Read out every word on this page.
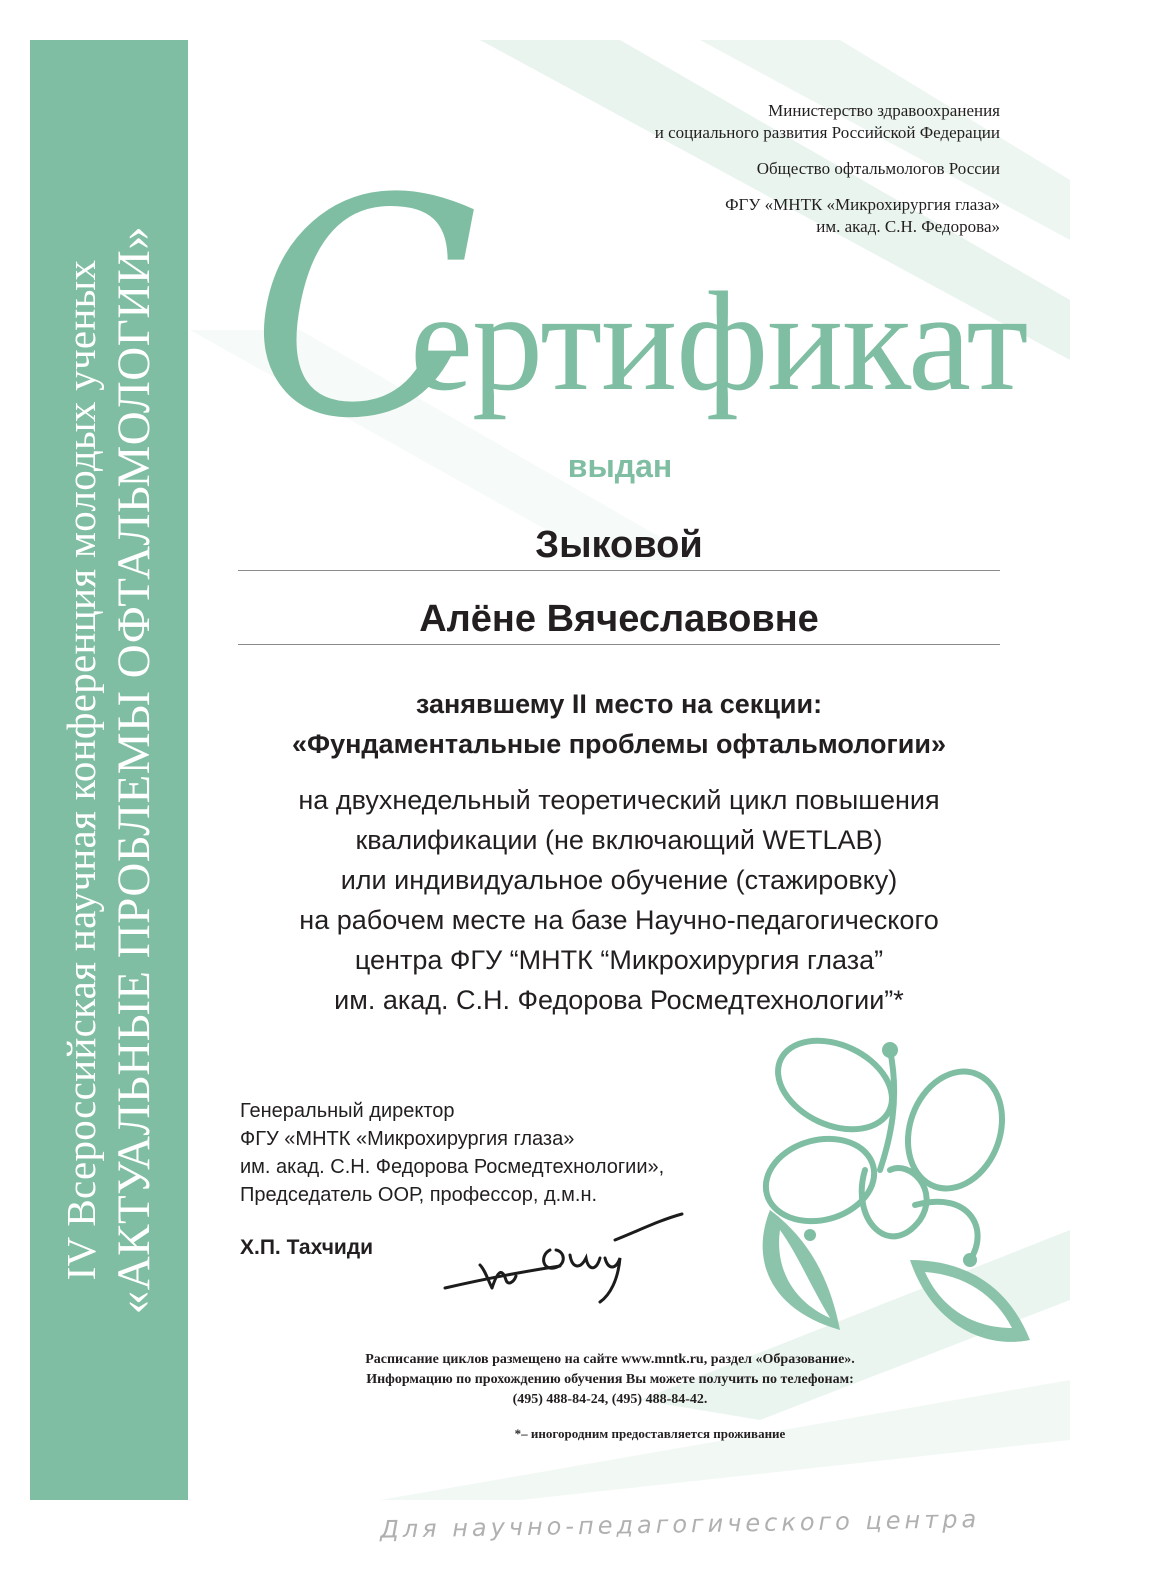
IV Всероссийская научная конференция молодых ученых «АКТУАЛЬНЫЕ ПРОБЛЕМЫ ОФТАЛЬМОЛОГИИ»
Министерство здравоохранения
и социального развития Российской Федерации
Общество офтальмологов России
ФГУ «МНТК «Микрохирургия глаза»
им. акад. С.Н. Федорова»
С
ертификат
выдан
Зыковой
Алёне Вячеславовне
занявшему II место на секции:
«Фундаментальные проблемы офтальмологии»
на двухнедельный теоретический цикл повышения
квалификации (не включающий WETLAB)
или индивидуальное обучение (стажировку)
на рабочем месте на базе Научно-педагогического
центра ФГУ “МНТК “Микрохирургия глаза”
им. акад. С.Н. Федорова Росмедтехнологии”*
Генеральный директор
ФГУ «МНТК «Микрохирургия глаза»
им. акад. С.Н. Федорова Росмедтехнологии»,
Председатель ООР, профессор, д.м.н.
Х.П. Тахчиди
Расписание циклов размещено на сайте www.mntk.ru, раздел «Образование».
Информацию по прохождению обучения Вы можете получить по телефонам:
(495) 488-84-24, (495) 488-84-42.
*– иногородним предоставляется проживание
Для научно-педагогического центра
